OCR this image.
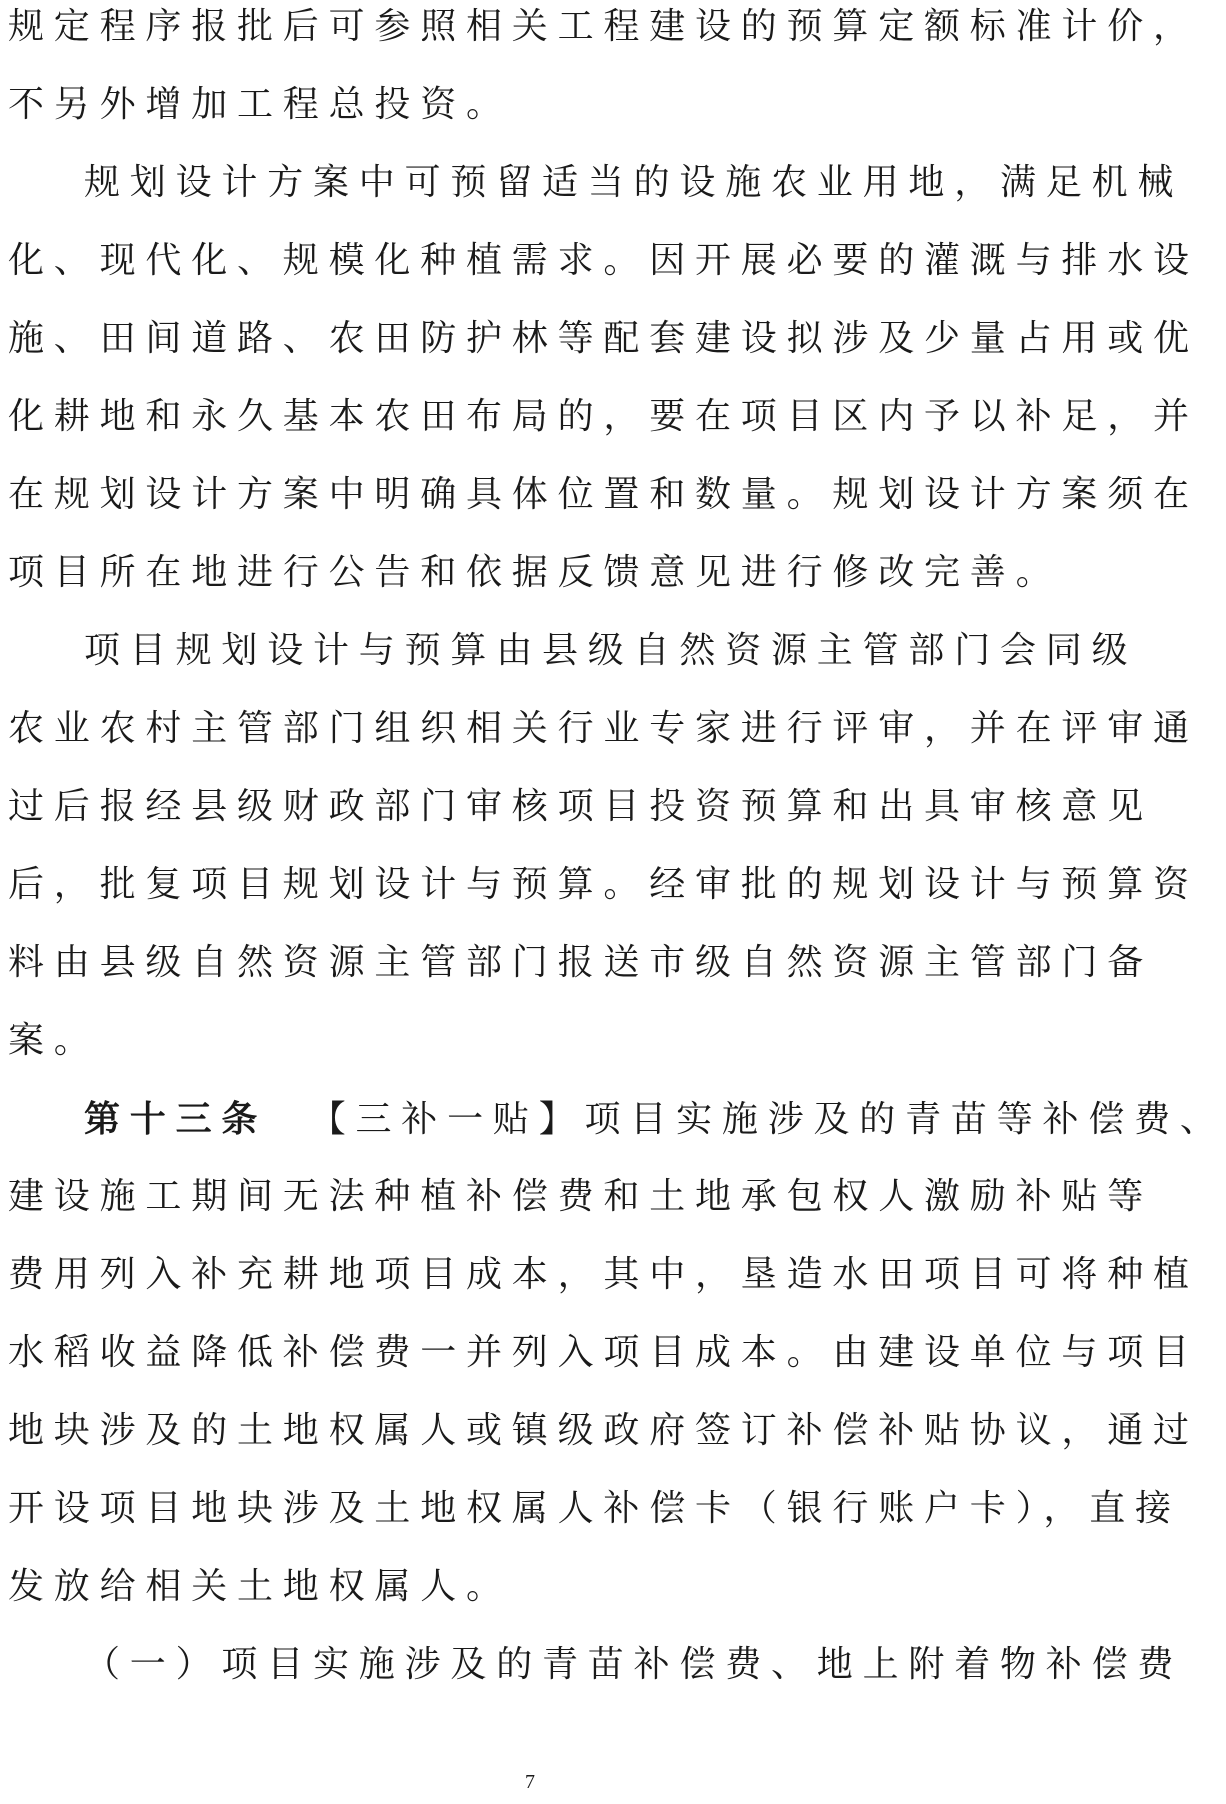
规定程序报批后可参照相关工程建设的预算定额标准计价，
不另外增加工程总投资。
规划设计方案中可预留适当的设施农业用地，满足机械
化、现代化、规模化种植需求。因开展必要的灌溉与排水设
施、田间道路、农田防护林等配套建设拟涉及少量占用或优
化耕地和永久基本农田布局的，要在项目区内予以补足，并
在规划设计方案中明确具体位置和数量。规划设计方案须在
项目所在地进行公告和依据反馈意见进行修改完善。
项目规划设计与预算由县级自然资源主管部门会同级
农业农村主管部门组织相关行业专家进行评审，并在评审通
过后报经县级财政部门审核项目投资预算和出具审核意见
后，批复项目规划设计与预算。经审批的规划设计与预算资
料由县级自然资源主管部门报送市级自然资源主管部门备
案。
第十三条 【三补一贴】项目实施涉及的青苗等补偿费、
建设施工期间无法种植补偿费和土地承包权人激励补贴等
费用列入补充耕地项目成本，其中，垦造水田项目可将种植
水稻收益降低补偿费一并列入项目成本。由建设单位与项目
地块涉及的土地权属人或镇级政府签订补偿补贴协议，通过
开设项目地块涉及土地权属人补偿卡（银行账户卡），直接
发放给相关土地权属人。
（一）项目实施涉及的青苗补偿费、地上附着物补偿费
7
